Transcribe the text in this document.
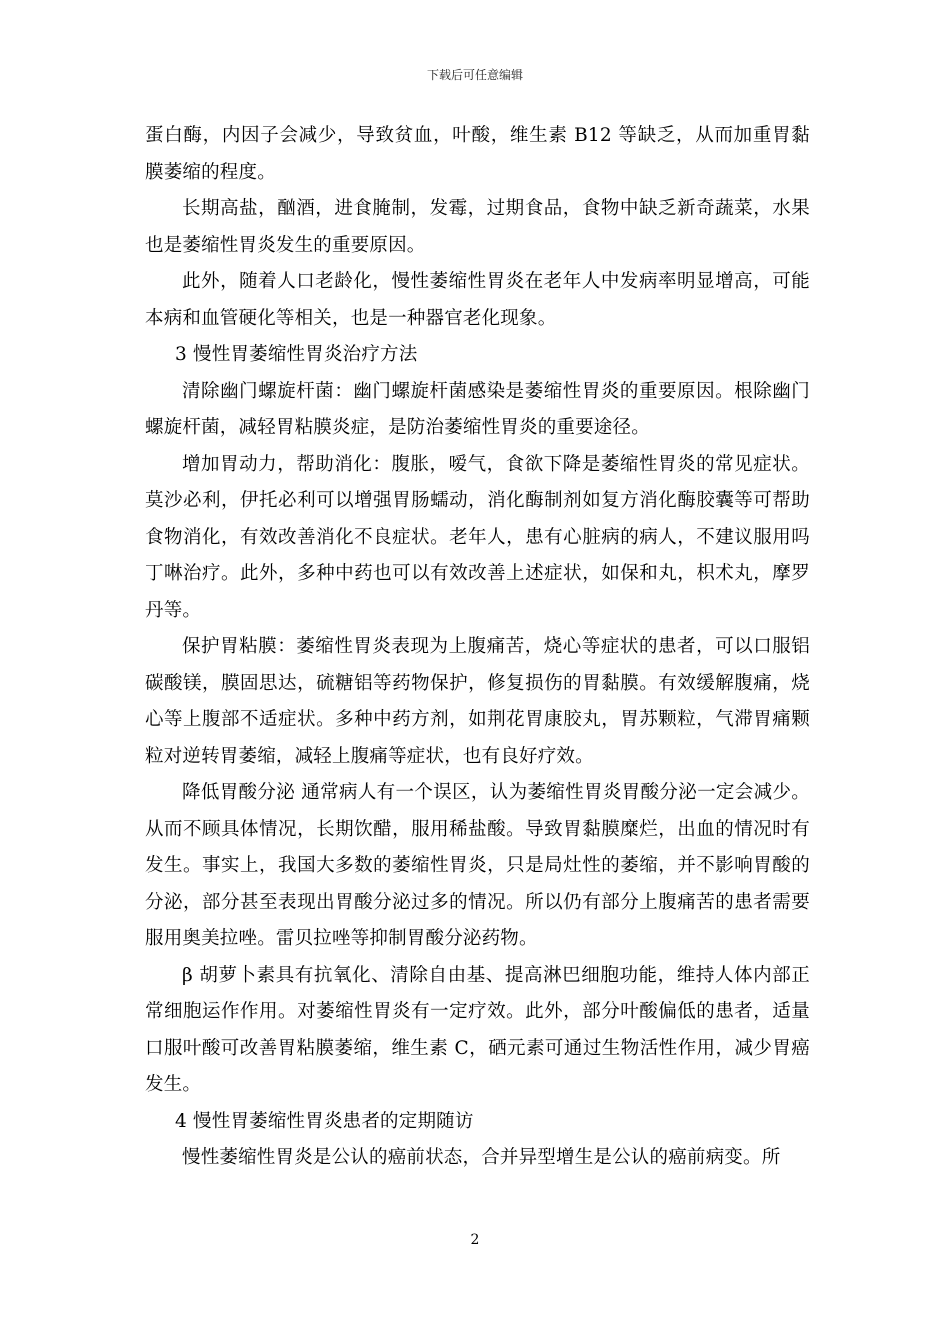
下载后可任意编辑

蛋白酶，内因子会减少，导致贫血，叶酸，维生素 B12 等缺乏，从而加重胃黏膜萎缩的程度。

长期高盐，酗酒，进食腌制，发霉，过期食品，食物中缺乏新奇蔬菜，水果也是萎缩性胃炎发生的重要原因。

此外，随着人口老龄化，慢性萎缩性胃炎在老年人中发病率明显增高，可能本病和血管硬化等相关，也是一种器官老化现象。

3 慢性胃萎缩性胃炎治疗方法

清除幽门螺旋杆菌：幽门螺旋杆菌感染是萎缩性胃炎的重要原因。根除幽门螺旋杆菌，减轻胃粘膜炎症，是防治萎缩性胃炎的重要途径。

增加胃动力，帮助消化：腹胀，嗳气，食欲下降是萎缩性胃炎的常见症状。莫沙必利，伊托必利可以增强胃肠蠕动，消化酶制剂如复方消化酶胶囊等可帮助食物消化，有效改善消化不良症状。老年人，患有心脏病的病人，不建议服用吗丁啉治疗。此外，多种中药也可以有效改善上述症状，如保和丸，枳术丸，摩罗丹等。

保护胃粘膜：萎缩性胃炎表现为上腹痛苦，烧心等症状的患者，可以口服铝碳酸镁，膜固思达，硫糖铝等药物保护，修复损伤的胃黏膜。有效缓解腹痛，烧心等上腹部不适症状。多种中药方剂，如荆花胃康胶丸，胃苏颗粒，气滞胃痛颗粒对逆转胃萎缩，减轻上腹痛等症状，也有良好疗效。

降低胃酸分泌 通常病人有一个误区，认为萎缩性胃炎胃酸分泌一定会减少。从而不顾具体情况，长期饮醋，服用稀盐酸。导致胃黏膜糜烂，出血的情况时有发生。事实上，我国大多数的萎缩性胃炎，只是局灶性的萎缩，并不影响胃酸的分泌，部分甚至表现出胃酸分泌过多的情况。所以仍有部分上腹痛苦的患者需要服用奥美拉唑。雷贝拉唑等抑制胃酸分泌药物。

β 胡萝卜素具有抗氧化、清除自由基、提高淋巴细胞功能，维持人体内部正常细胞运作作用。对萎缩性胃炎有一定疗效。此外，部分叶酸偏低的患者，适量口服叶酸可改善胃粘膜萎缩，维生素 C，硒元素可通过生物活性作用，减少胃癌发生。

4 慢性胃萎缩性胃炎患者的定期随访

慢性萎缩性胃炎是公认的癌前状态，合并异型增生是公认的癌前病变。所

2
